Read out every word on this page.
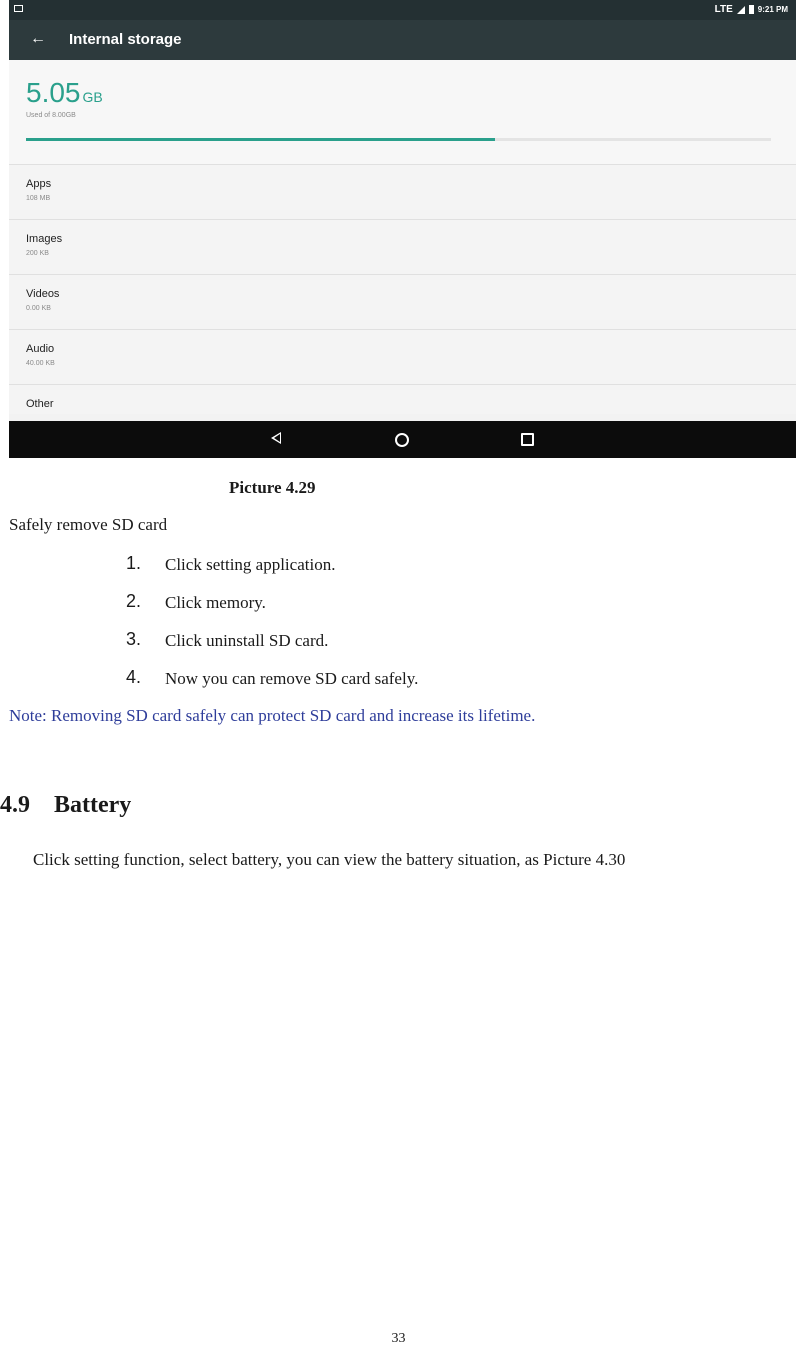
LTE	9:21 PM
← Internal storage
5.05 GB
Used of 8.00GB
Apps
108 MB
Images
200 KB
Videos
0.00 KB
Audio
40.00 KB
Other
Picture 4.29
Safely remove SD card
1.	Click setting application.
2.	Click memory.
3.	Click uninstall SD card.
4.	Now you can remove SD card safely.
Note: Removing SD card safely can protect SD card and increase its lifetime.
4.9 Battery
Click setting function, select battery, you can view the battery situation, as Picture 4.30
33
